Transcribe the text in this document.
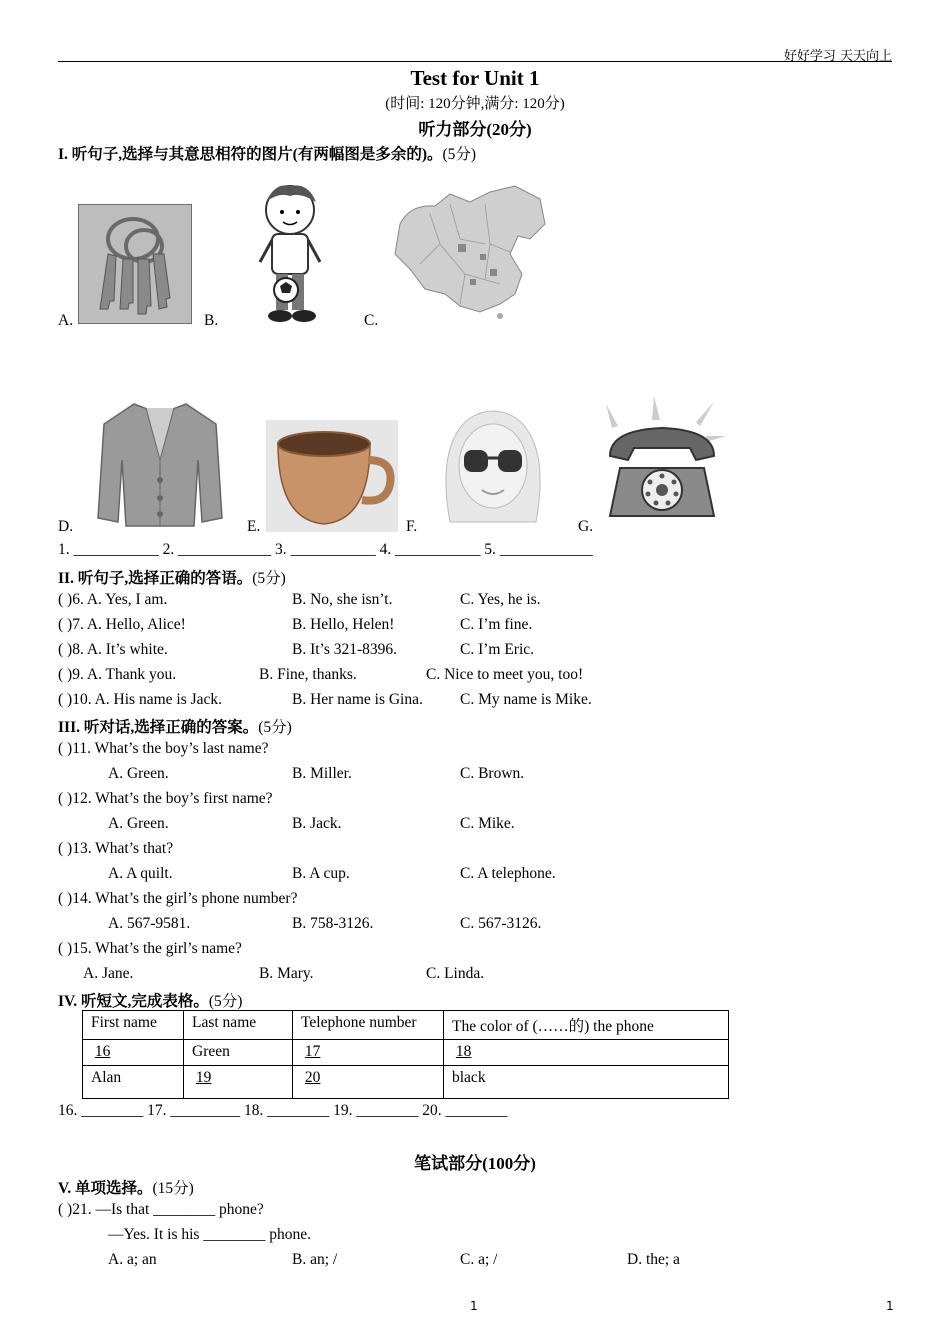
好好学习 天天向上
Test for Unit 1
(时间: 120分钟,满分: 120分)
听力部分(20分)
I. 听句子,选择与其意思相符的图片(有两幅图是多余的)。(5分)
A.	B.	C.
D.	E.	F.	G.
1. ___________ 2. ____________ 3. ___________ 4. ___________ 5. ____________
II. 听句子,选择正确的答语。(5分)
( )6. A. Yes, I am.	B. No, she isn’t.	C. Yes, he is.
( )7. A. Hello, Alice!	B. Hello, Helen!	C. I’m fine.
( )8. A. It’s white.	B. It’s 321-8396.	C. I’m Eric.
( )9. A. Thank you.	B. Fine, thanks.	C. Nice to meet you, too!
( )10. A. His name is Jack.	B. Her name is Gina. C. My name is Mike.
III. 听对话,选择正确的答案。(5分)
( )11. What’s the boy’s last name?
A. Green.	B. Miller.	C. Brown.
( )12. What’s the boy’s first name?
A. Green.	B. Jack.	C. Mike.
( )13. What’s that?
A. A quilt.	B. A cup.	C. A telephone.
( )14. What’s the girl’s phone number?
A. 567-9581.	B. 758-3126.	C. 567-3126.
( )15. What’s the girl’s name?
A. Jane.	B. Mary.	C. Linda.
IV. 听短文,完成表格。(5分)
First name	Last name	Telephone number	The color of (……的) the phone
16	Green	17	18
Alan	19	20	black
16. ________ 17. _________ 18. ________ 19. ________ 20. ________
笔试部分(100分)
V. 单项选择。(15分)
( )21. —Is that ________ phone?
—Yes. It is his ________ phone.
A. a; an	B. an; /	C. a; /	D. the; a
1	1
